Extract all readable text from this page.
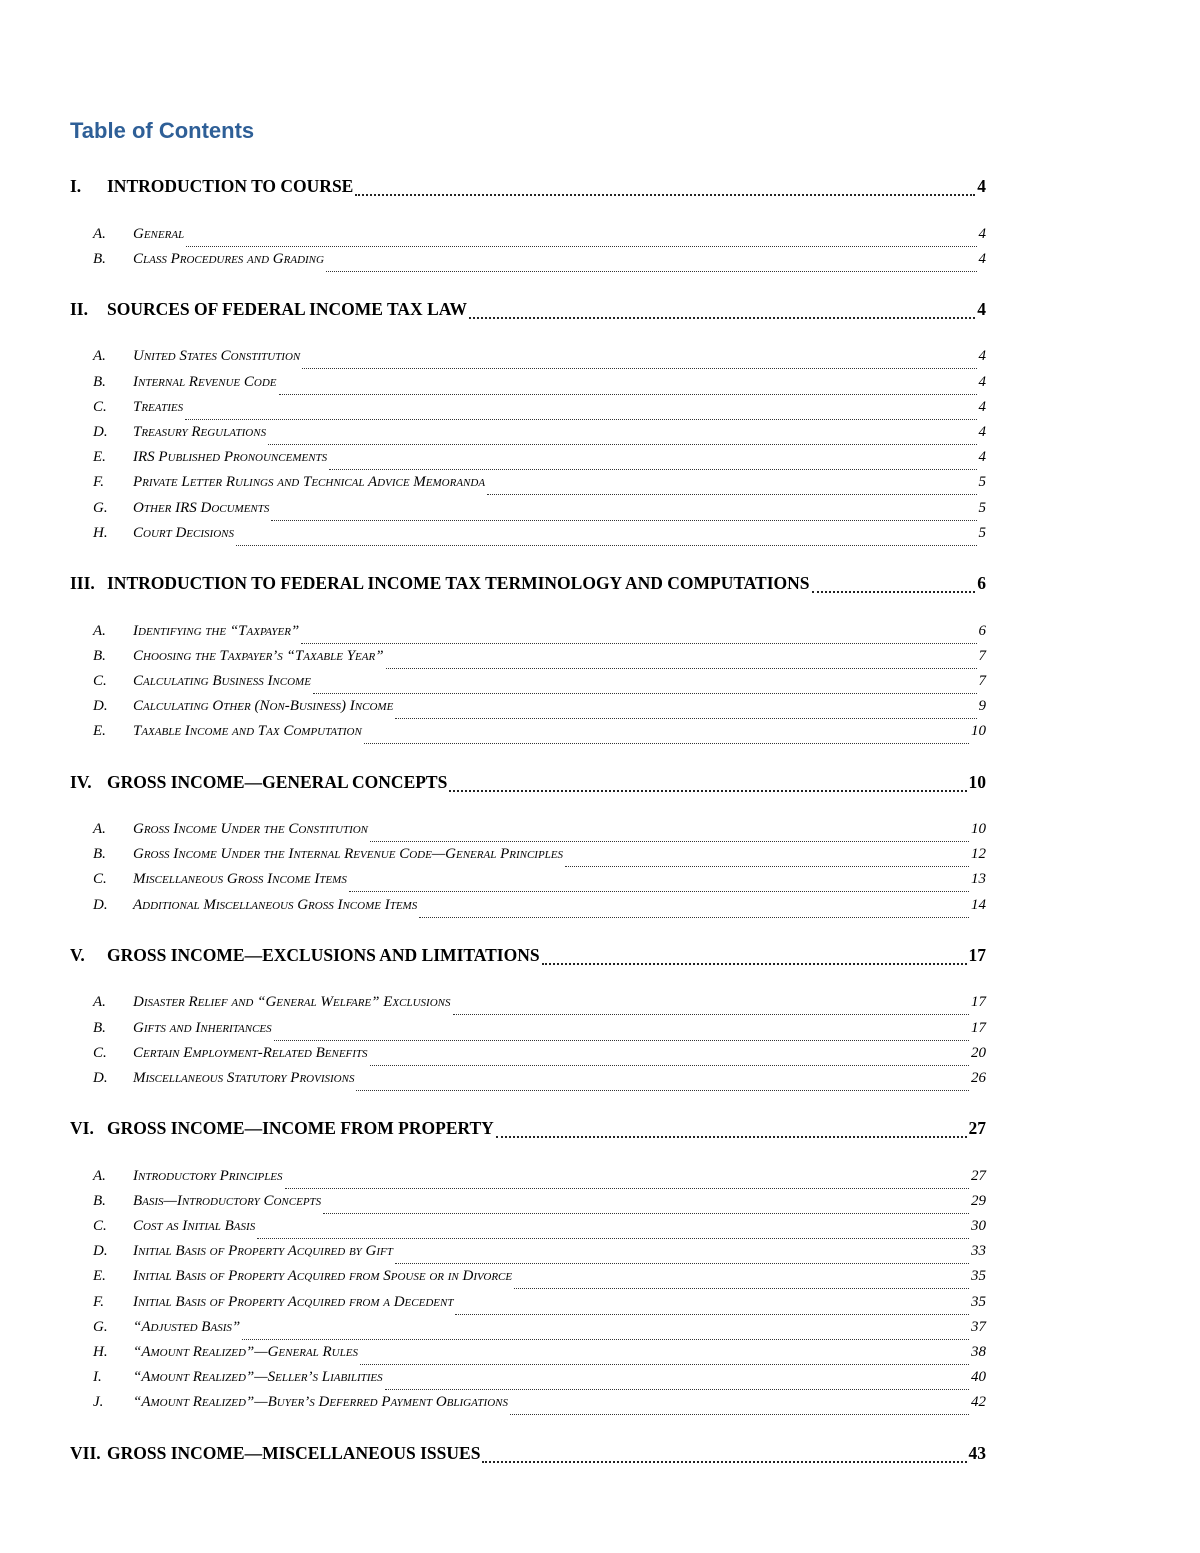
Table of Contents
I.	INTRODUCTION TO COURSE	4
A.	General	4
B.	Class Procedures and Grading	4
II.	SOURCES OF FEDERAL INCOME TAX LAW	4
A.	United States Constitution	4
B.	Internal Revenue Code	4
C.	Treaties	4
D.	Treasury Regulations	4
E.	IRS Published Pronouncements	4
F.	Private Letter Rulings and Technical Advice Memoranda	5
G.	Other IRS Documents	5
H.	Court Decisions	5
III. INTRODUCTION TO FEDERAL INCOME TAX TERMINOLOGY AND COMPUTATIONS	6
A.	Identifying the “Taxpayer”	6
B.	Choosing the Taxpayer’s “Taxable Year”	7
C.	Calculating Business Income	7
D.	Calculating Other (Non-Business) Income	9
E.	Taxable Income and Tax Computation	10
IV. GROSS INCOME—GENERAL CONCEPTS	10
A.	Gross Income Under the Constitution	10
B.	Gross Income Under the Internal Revenue Code—General Principles	12
C.	Miscellaneous Gross Income Items	13
D.	Additional Miscellaneous Gross Income Items	14
V.	GROSS INCOME—EXCLUSIONS AND LIMITATIONS	17
A.	Disaster Relief and “General Welfare” Exclusions	17
B.	Gifts and Inheritances	17
C.	Certain Employment-Related Benefits	20
D.	Miscellaneous Statutory Provisions	26
VI. GROSS INCOME—INCOME FROM PROPERTY	27
A.	Introductory Principles	27
B.	Basis—Introductory Concepts	29
C.	Cost as Initial Basis	30
D.	Initial Basis of Property Acquired by Gift	33
E.	Initial Basis of Property Acquired from Spouse or in Divorce	35
F.	Initial Basis of Property Acquired from a Decedent	35
G.	“Adjusted Basis”	37
H.	“Amount Realized”—General Rules	38
I.	“Amount Realized”—Seller’s Liabilities	40
J.	“Amount Realized”—Buyer’s Deferred Payment Obligations	42
VII. GROSS INCOME—MISCELLANEOUS ISSUES	43
